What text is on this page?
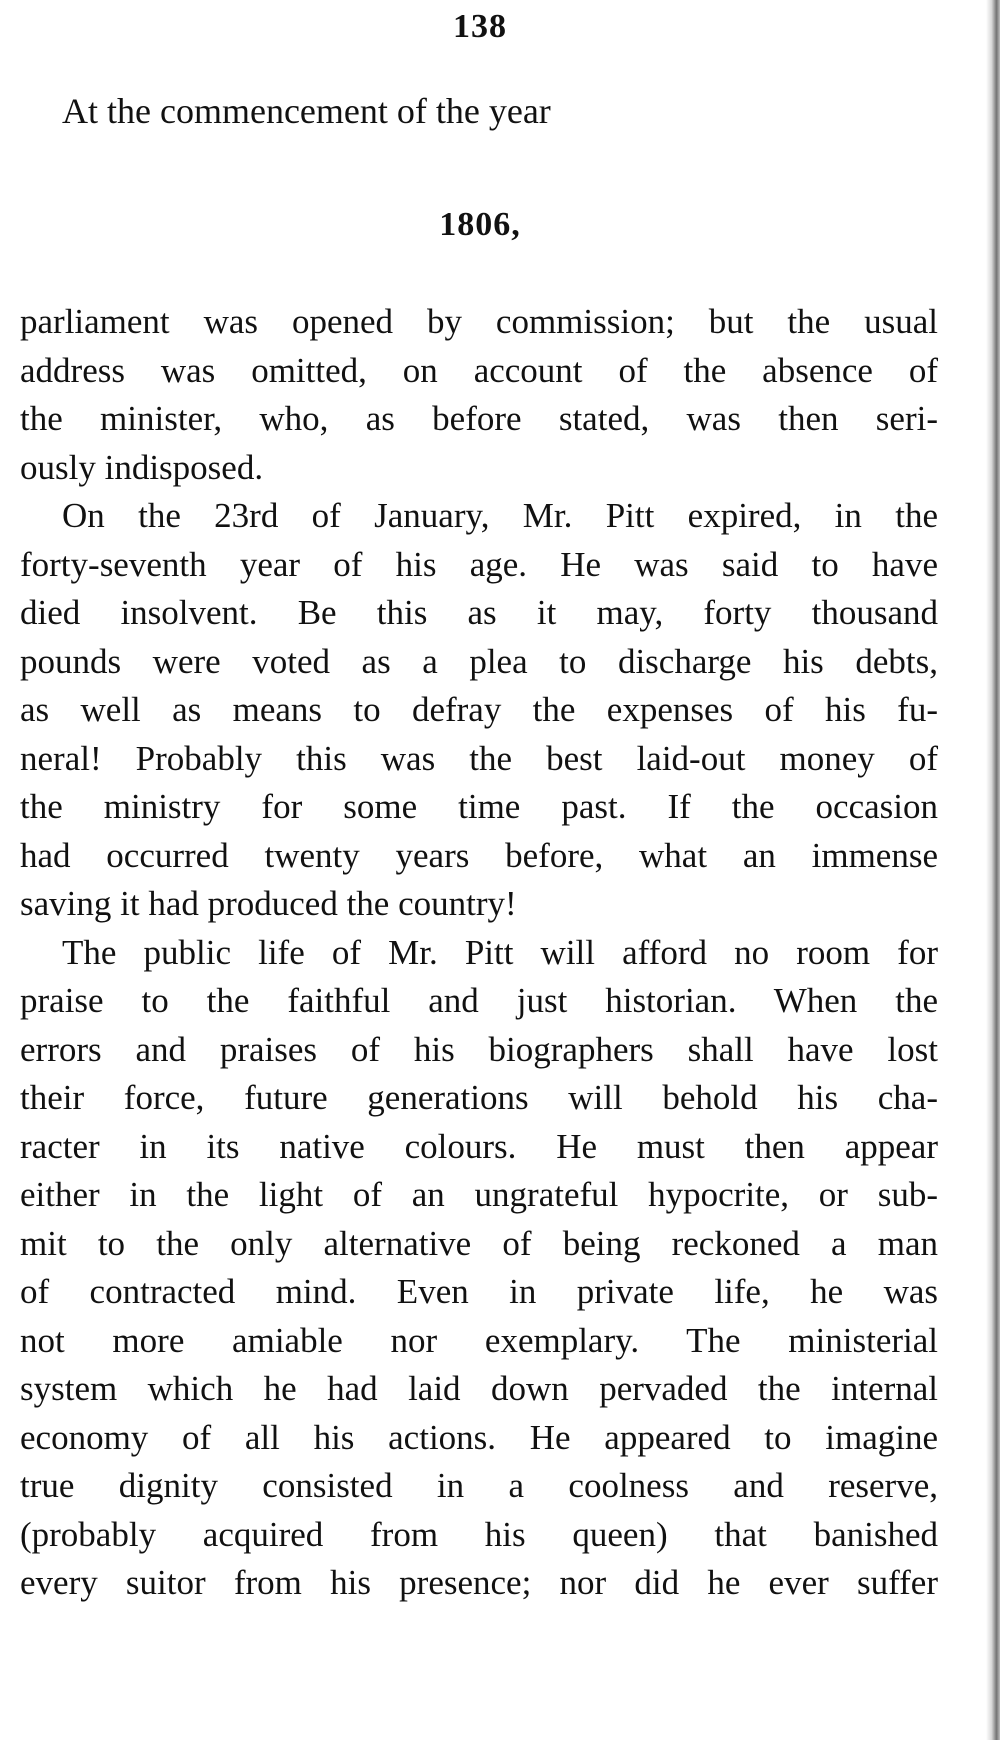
138
At the commencement of the year
1806,
parliament was opened by commission; but the usual
address was omitted, on account of the absence of
the minister, who, as before stated, was then seri-
ously indisposed.
On the 23rd of January, Mr. Pitt expired, in the
forty-seventh year of his age. He was said to have
died insolvent. Be this as it may, forty thousand
pounds were voted as a plea to discharge his debts,
as well as means to defray the expenses of his fu-
neral! Probably this was the best laid-out money of
the ministry for some time past. If the occasion
had occurred twenty years before, what an immense
saving it had produced the country!
The public life of Mr. Pitt will afford no room for
praise to the faithful and just historian. When the
errors and praises of his biographers shall have lost
their force, future generations will behold his cha-
racter in its native colours. He must then appear
either in the light of an ungrateful hypocrite, or sub-
mit to the only alternative of being reckoned a man
of contracted mind. Even in private life, he was
not more amiable nor exemplary. The ministerial
system which he had laid down pervaded the internal
economy of all his actions. He appeared to imagine
true dignity consisted in a coolness and reserve,
(probably acquired from his queen) that banished
every suitor from his presence; nor did he ever suffer
